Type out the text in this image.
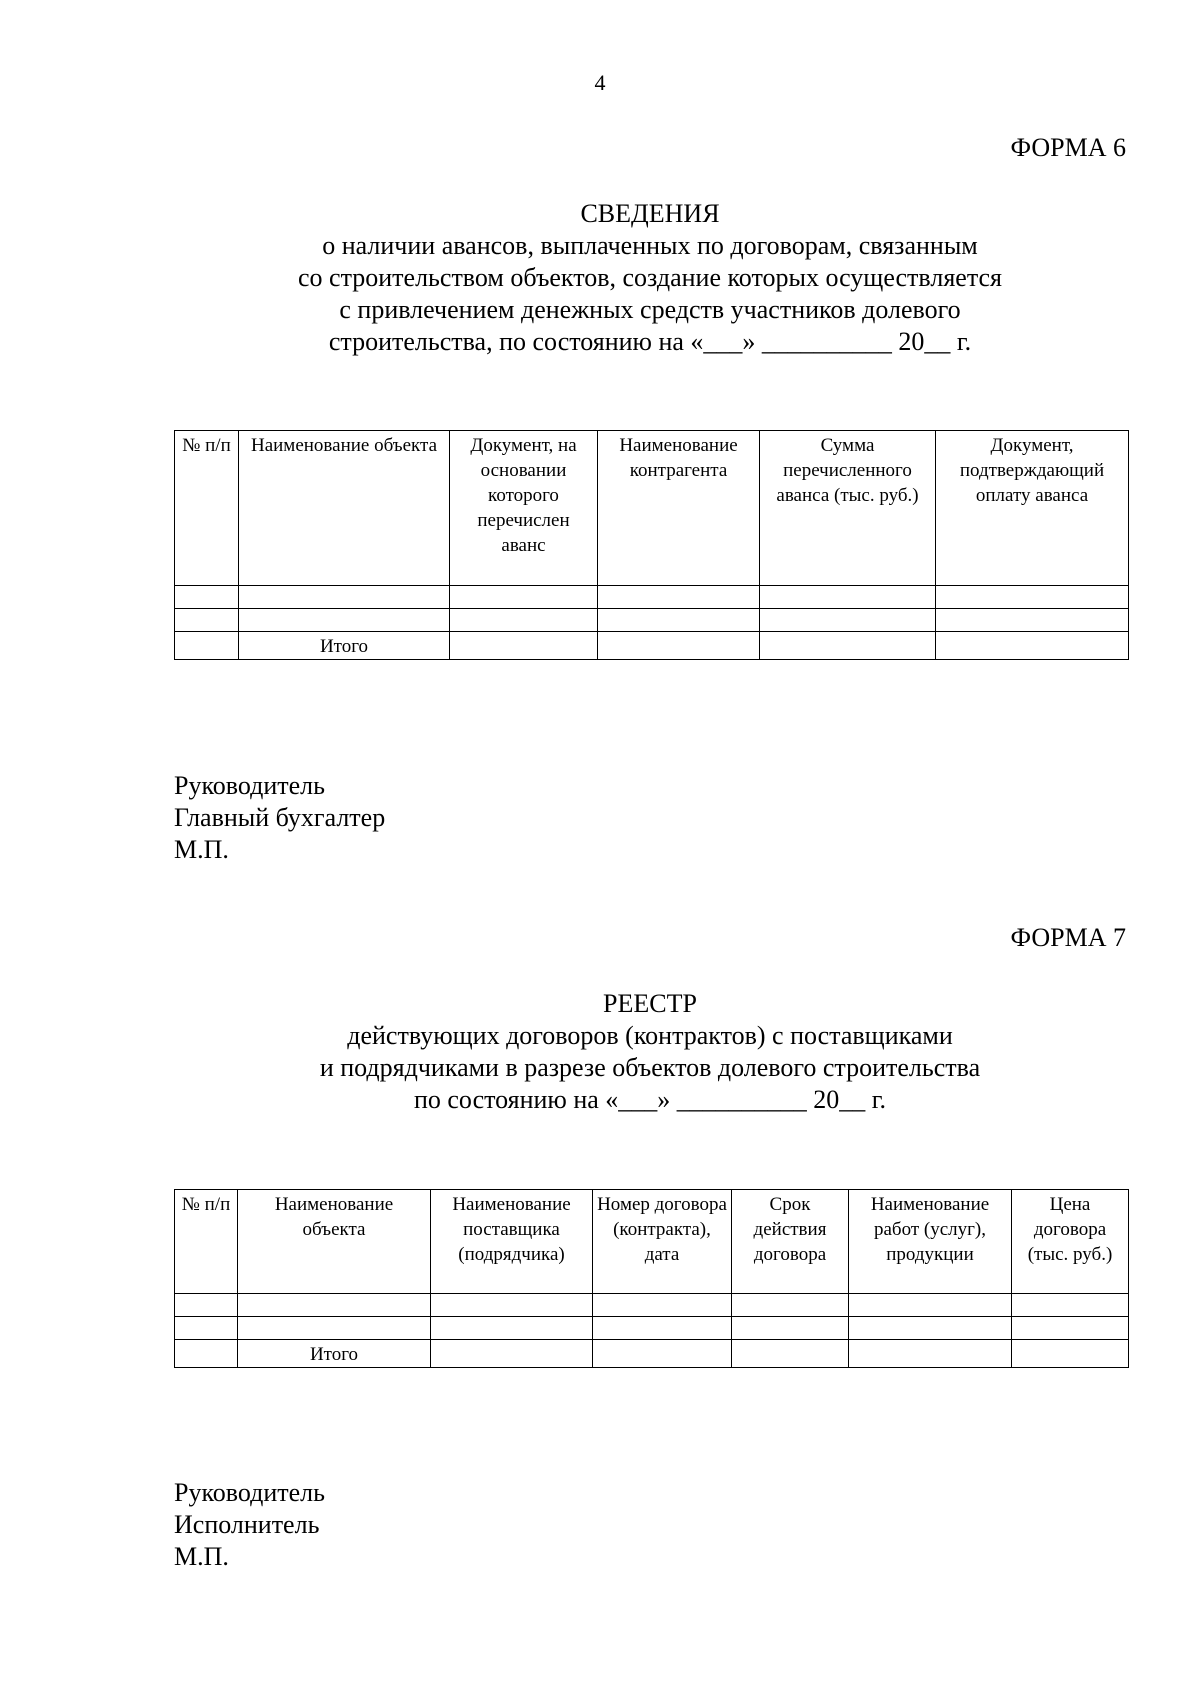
4
ФОРМА 6
СВЕДЕНИЯ
о наличии авансов, выплаченных по договорам, связанным
со строительством объектов, создание которых осуществляется
с привлечением денежных средств участников долевого
строительства, по состоянию на «___» __________ 20__ г.
№ п/п	Наименование объекта	Документ, на основании которого перечислен аванс	Наименование контрагента	Сумма перечисленного аванса (тыс. руб.)	Документ, подтверждающий оплату аванса

	Итого				
Руководитель
Главный бухгалтер
М.П.
ФОРМА 7
РЕЕСТР
действующих договоров (контрактов) с поставщиками
и подрядчиками в разрезе объектов долевого строительства
по состоянию на «___» __________ 20__ г.
№ п/п	Наименование объекта	Наименование поставщика (подрядчика)	Номер договора (контракта), дата	Срок действия договора	Наименование работ (услуг), продукции	Цена договора (тыс. руб.)

	Итого					
Руководитель
Исполнитель
М.П.
